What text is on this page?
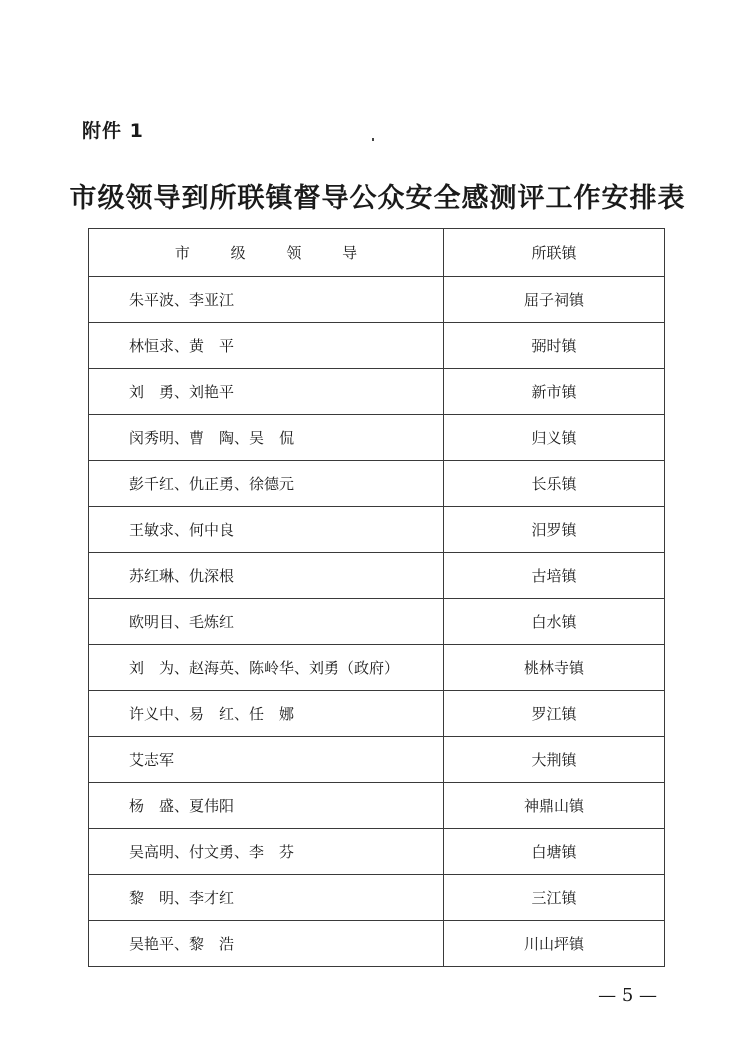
附件 1
市级领导到所联镇督导公众安全感测评工作安排表
市 级 领 导	所联镇
朱平波、李亚江	屈子祠镇
林恒求、黄　平	弼时镇
刘　勇、刘艳平	新市镇
闵秀明、曹　陶、吴　侃	归义镇
彭千红、仇正勇、徐德元	长乐镇
王敏求、何中良	汨罗镇
苏红琳、仇深根	古培镇
欧明目、毛炼红	白水镇
刘　为、赵海英、陈岭华、刘勇（政府）	桃林寺镇
许义中、易　红、任　娜	罗江镇
艾志军	大荆镇
杨　盛、夏伟阳	神鼎山镇
吴高明、付文勇、李　芬	白塘镇
黎　明、李才红	三江镇
吴艳平、黎　浩	川山坪镇
— 5 —
